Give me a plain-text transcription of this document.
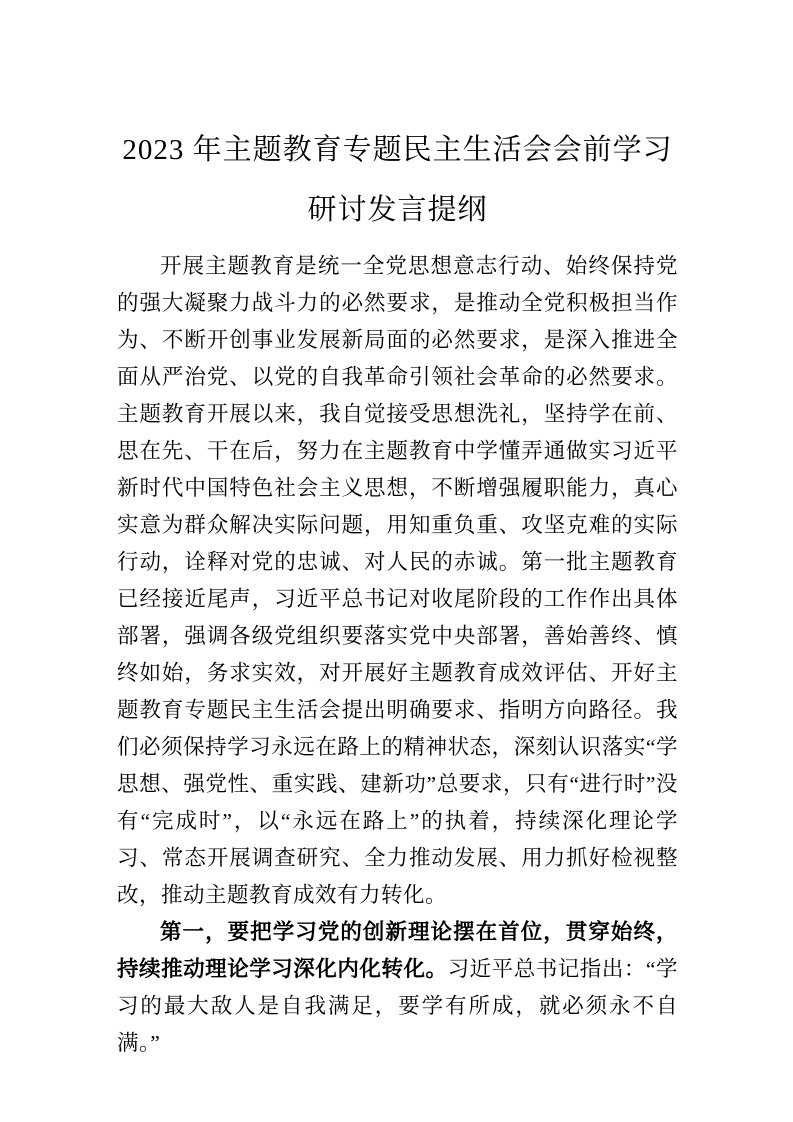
2023 年主题教育专题民主生活会会前学习
研讨发言提纲

开展主题教育是统一全党思想意志行动、始终保持党的强大凝聚力战斗力的必然要求，是推动全党积极担当作为、不断开创事业发展新局面的必然要求，是深入推进全面从严治党、以党的自我革命引领社会革命的必然要求。主题教育开展以来，我自觉接受思想洗礼，坚持学在前、思在先、干在后，努力在主题教育中学懂弄通做实习近平新时代中国特色社会主义思想，不断增强履职能力，真心实意为群众解决实际问题，用知重负重、攻坚克难的实际行动，诠释对党的忠诚、对人民的赤诚。第一批主题教育已经接近尾声，习近平总书记对收尾阶段的工作作出具体部署，强调各级党组织要落实党中央部署，善始善终、慎终如始，务求实效，对开展好主题教育成效评估、开好主题教育专题民主生活会提出明确要求、指明方向路径。我们必须保持学习永远在路上的精神状态，深刻认识落实“学思想、强党性、重实践、建新功”总要求，只有“进行时”没有“完成时”，以“永远在路上”的执着，持续深化理论学习、常态开展调查研究、全力推动发展、用力抓好检视整改，推动主题教育成效有力转化。

第一，要把学习党的创新理论摆在首位，贯穿始终，持续推动理论学习深化内化转化。习近平总书记指出：“学习的最大敌人是自我满足，要学有所成，就必须永不自满。”
